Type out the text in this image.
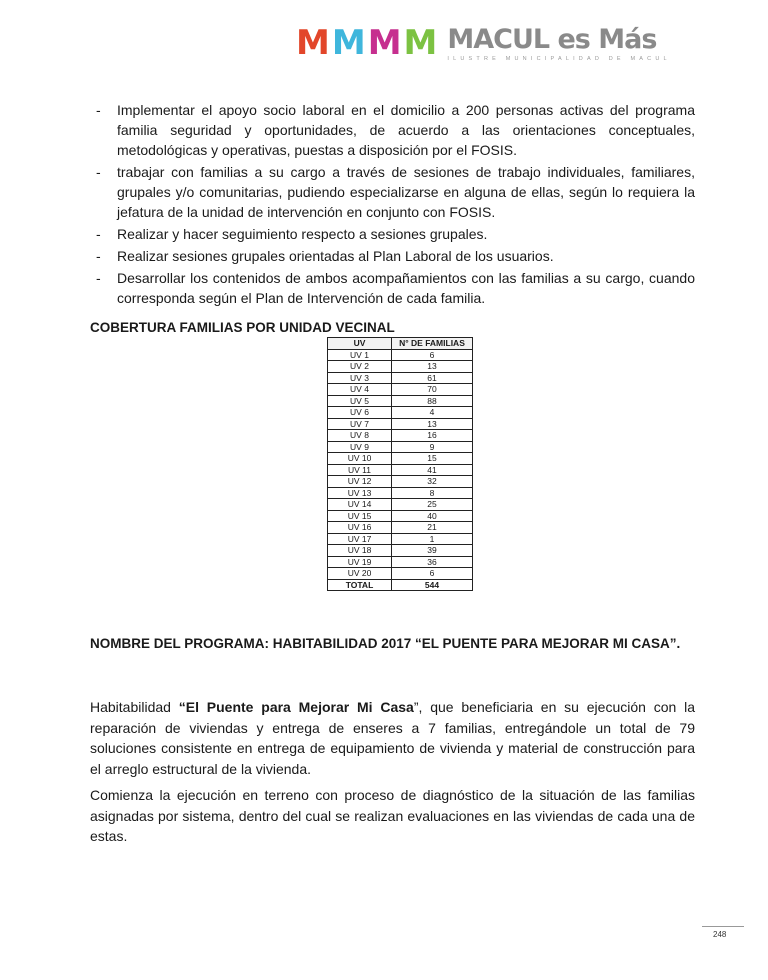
M M M M MACUL es Más
ILUSTRE MUNICIPALIDAD DE MACUL
- Implementar el apoyo socio laboral en el domicilio a 200 personas activas del programa familia seguridad y oportunidades, de acuerdo a las orientaciones conceptuales, metodológicas y operativas, puestas a disposición por el FOSIS.
- trabajar con familias a su cargo a través de sesiones de trabajo individuales, familiares, grupales y/o comunitarias, pudiendo especializarse en alguna de ellas, según lo requiera la jefatura de la unidad de intervención en conjunto con FOSIS.
- Realizar y hacer seguimiento respecto a sesiones grupales.
- Realizar sesiones grupales orientadas al Plan Laboral de los usuarios.
- Desarrollar los contenidos de ambos acompañamientos con las familias a su cargo, cuando corresponda según el Plan de Intervención de cada familia.
COBERTURA FAMILIAS POR UNIDAD VECINAL
UV	N° DE FAMILIAS
UV 1	6
UV 2	13
UV 3	61
UV 4	70
UV 5	88
UV 6	4
UV 7	13
UV 8	16
UV 9	9
UV 10	15
UV 11	41
UV 12	32
UV 13	8
UV 14	25
UV 15	40
UV 16	21
UV 17	1
UV 18	39
UV 19	36
UV 20	6
TOTAL	544
NOMBRE DEL PROGRAMA: HABITABILIDAD 2017 “EL PUENTE PARA MEJORAR MI CASA”.

Habitabilidad “El Puente para Mejorar Mi Casa”, que beneficiaria en su ejecución con la reparación de viviendas y entrega de enseres a 7 familias, entregándole un total de 79 soluciones consistente en entrega de equipamiento de vivienda y material de construcción para el arreglo estructural de la vivienda.

Comienza la ejecución en terreno con proceso de diagnóstico de la situación de las familias asignadas por sistema, dentro del cual se realizan evaluaciones en las viviendas de cada una de estas.

248
